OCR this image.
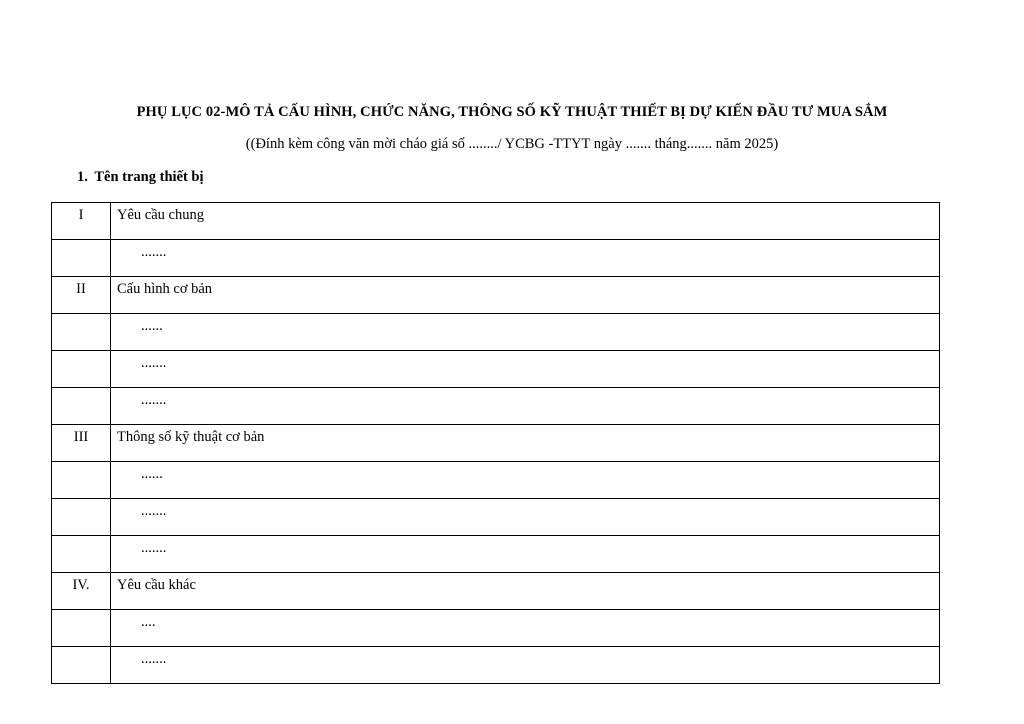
PHỤ LỤC 02-MÔ TẢ CẤU HÌNH, CHỨC NĂNG, THÔNG SỐ KỸ THUẬT THIẾT BỊ DỰ KIẾN ĐẦU TƯ MUA SẮM
((Đính kèm công văn mời cháo giá số ......../ YCBG -TTYT ngày ....... tháng....... năm 2025)
1. Tên trang thiết bị
I	Yêu cầu chung
	.......
II	Cấu hình cơ bản
	......
	.......
	.......
III	Thông số kỹ thuật cơ bản
	......
	.......
	.......
IV.	Yêu cầu khác
	....
	.......
